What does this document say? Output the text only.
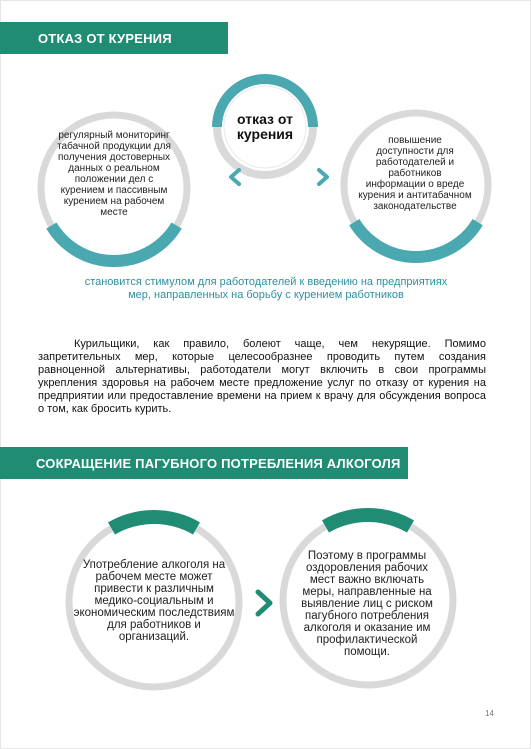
ОТКАЗ ОТ КУРЕНИЯ
отказ от курения
регулярный мониторинг табачной продукции для получения достоверных данных о реальном положении дел с курением и пассивным курением на рабочем месте
повышение доступности для работодателей и работников информации о вреде курения и антитабачном законодательстве
становится стимулом для работодателей к введению на предприятиях мер, направленных на борьбу с курением работников
Курильщики, как правило, болеют чаще, чем некурящие. Помимо запретительных мер, которые целесообразнее проводить путем создания равноценной альтернативы, работодатели могут включить в свои программы укрепления здоровья на рабочем месте предложение услуг по отказу от курения на предприятии или предоставление времени на прием к врачу для обсуждения вопроса о том, как бросить курить.
СОКРАЩЕНИЕ ПАГУБНОГО ПОТРЕБЛЕНИЯ АЛКОГОЛЯ
Употребление алкоголя на рабочем месте может привести к различным медико-социальным и экономическим последствиям для работников и организаций.
Поэтому в программы оздоровления рабочих мест важно включать меры, направленные на выявление лиц с риском пагубного потребления алкоголя и оказание им профилактической помощи.
14
